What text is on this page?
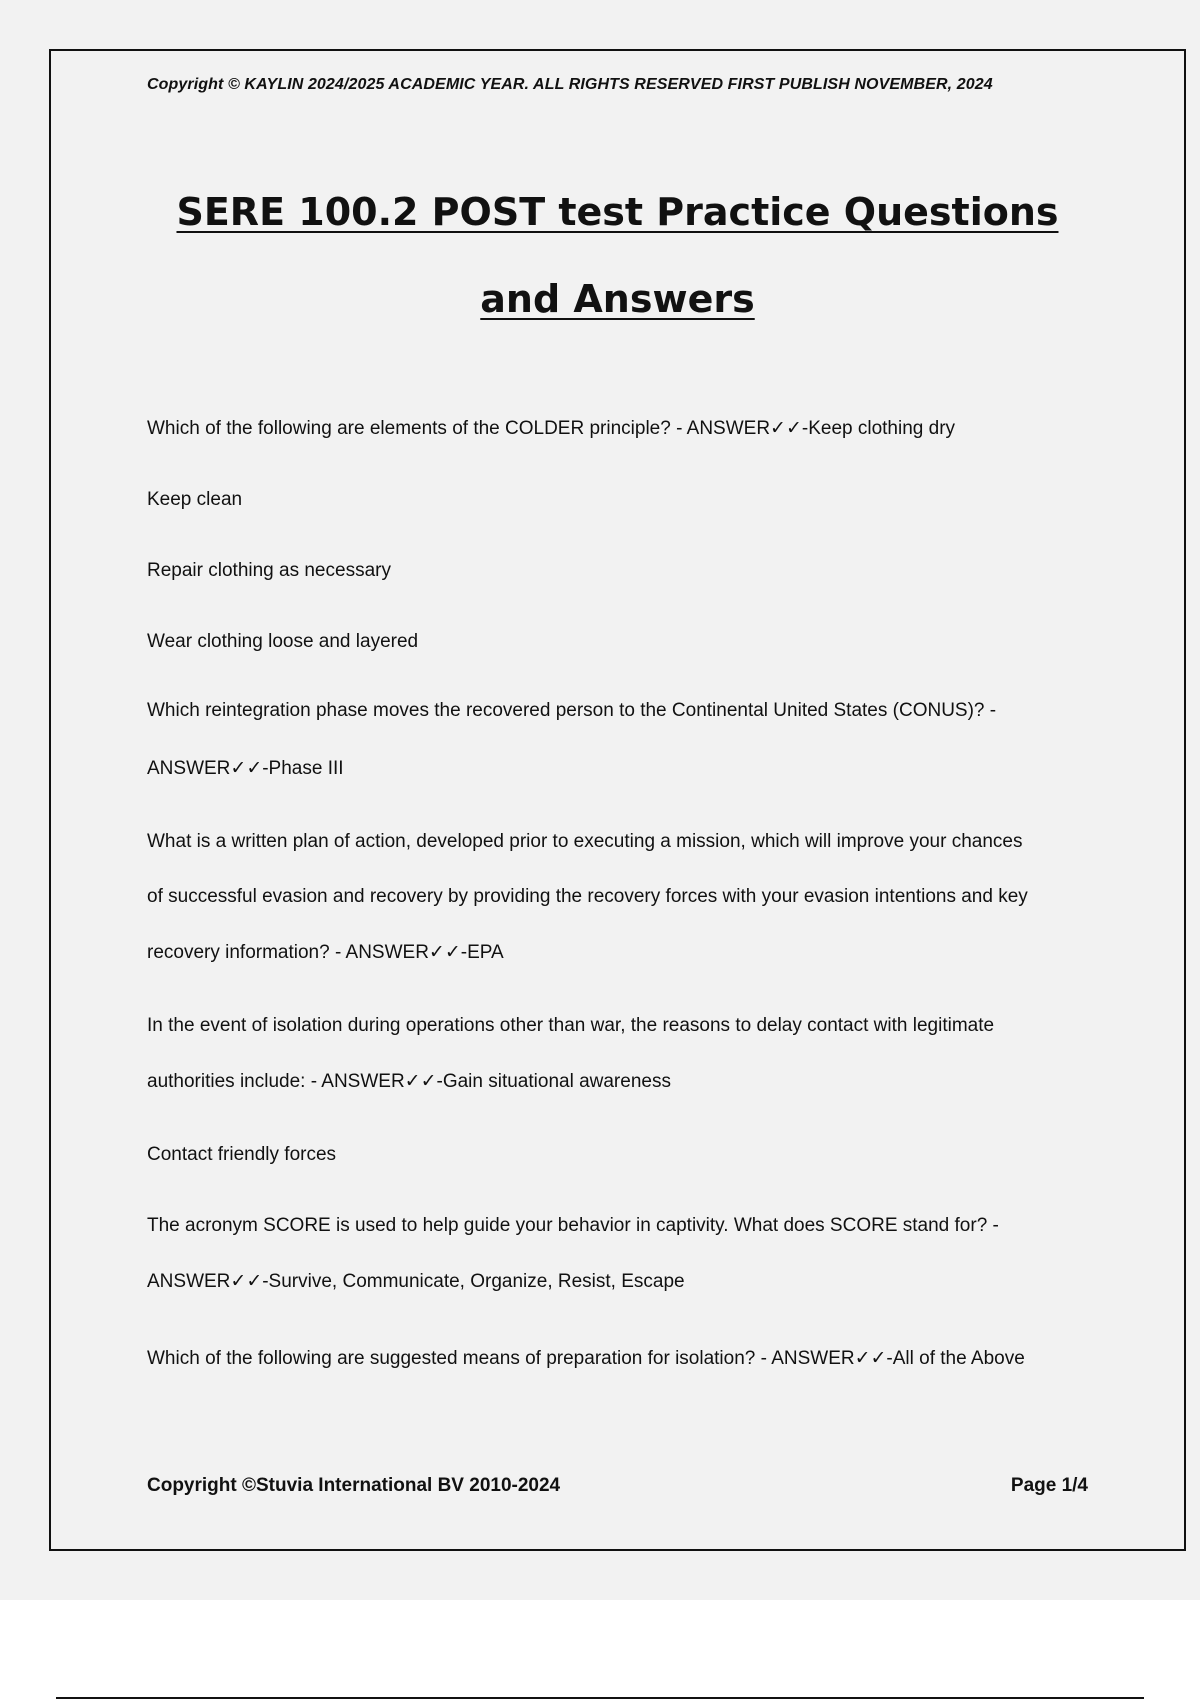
Copyright © KAYLIN 2024/2025 ACADEMIC YEAR. ALL RIGHTS RESERVED FIRST PUBLISH NOVEMBER, 2024
SERE 100.2 POST test Practice Questions
and Answers

Which of the following are elements of the COLDER principle? - ANSWER✓✓-Keep clothing dry

Keep clean

Repair clothing as necessary

Wear clothing loose and layered

Which reintegration phase moves the recovered person to the Continental United States (CONUS)? -

ANSWER✓✓-Phase III

What is a written plan of action, developed prior to executing a mission, which will improve your chances

of successful evasion and recovery by providing the recovery forces with your evasion intentions and key

recovery information? - ANSWER✓✓-EPA

In the event of isolation during operations other than war, the reasons to delay contact with legitimate

authorities include: - ANSWER✓✓-Gain situational awareness

Contact friendly forces

The acronym SCORE is used to help guide your behavior in captivity. What does SCORE stand for? -

ANSWER✓✓-Survive, Communicate, Organize, Resist, Escape

Which of the following are suggested means of preparation for isolation? - ANSWER✓✓-All of the Above

Copyright ©Stuvia International BV 2010-2024	Page 1/4
